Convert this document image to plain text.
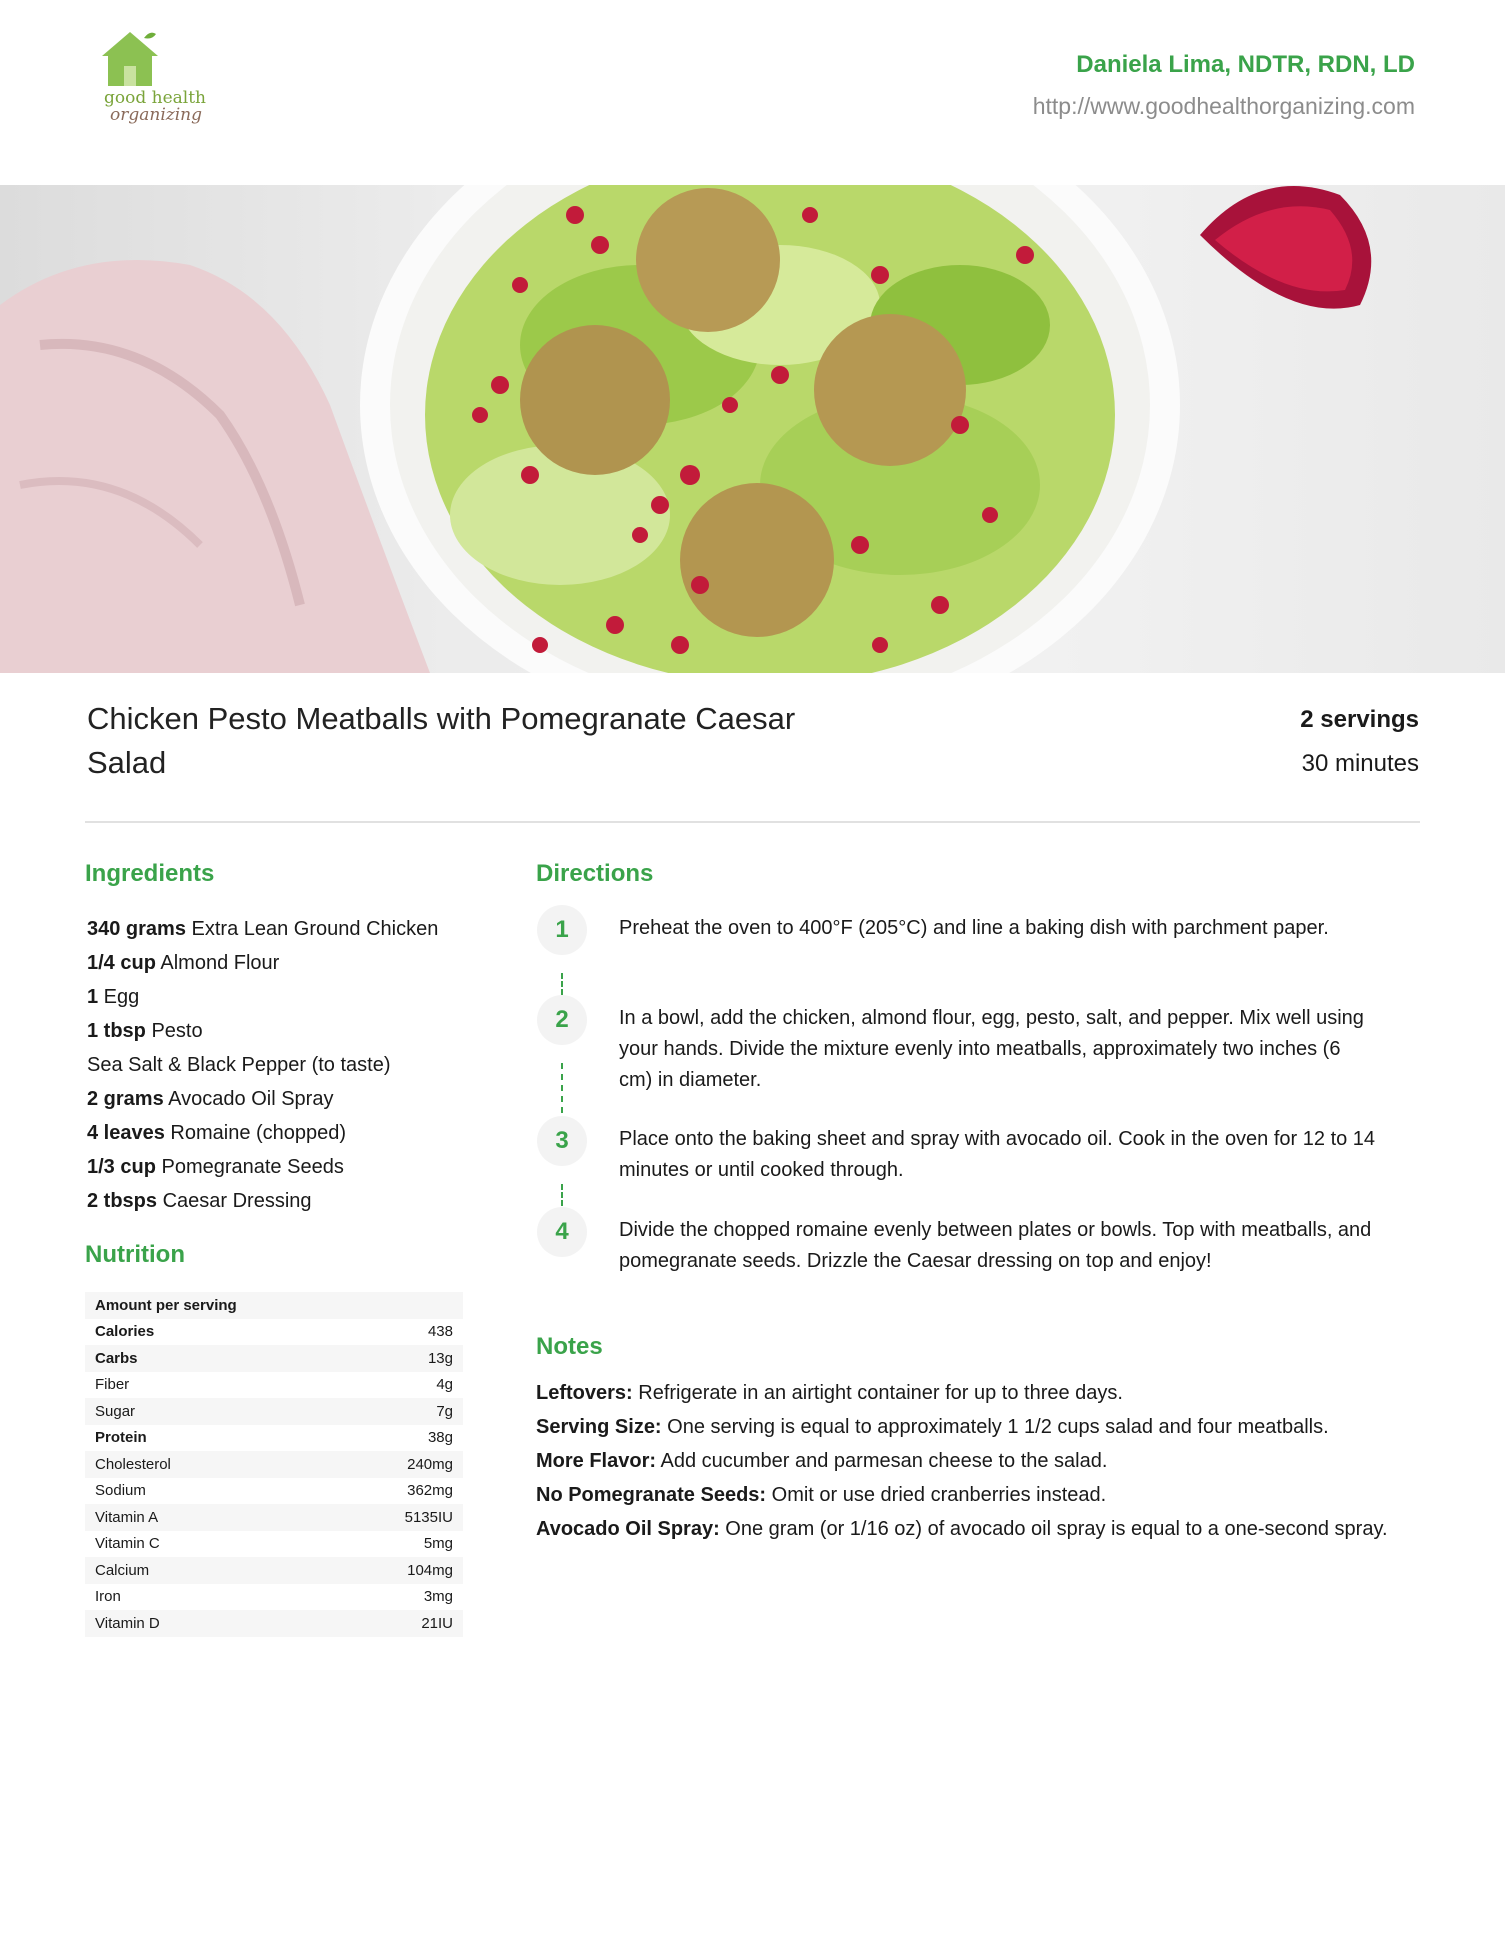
good health
organizing
Daniela Lima, NDTR, RDN, LD
http://www.goodhealthorganizing.com
Chicken Pesto Meatballs with Pomegranate Caesar Salad
2 servings
30 minutes
Ingredients
340 grams Extra Lean Ground Chicken
1/4 cup Almond Flour
1 Egg
1 tbsp Pesto
Sea Salt & Black Pepper (to taste)
2 grams Avocado Oil Spray
4 leaves Romaine (chopped)
1/3 cup Pomegranate Seeds
2 tbsps Caesar Dressing
Nutrition
Amount per serving	
Calories	438
Carbs	13g
Fiber	4g
Sugar	7g
Protein	38g
Cholesterol	240mg
Sodium	362mg
Vitamin A	5135IU
Vitamin C	5mg
Calcium	104mg
Iron	3mg
Vitamin D	21IU
Directions
1	Preheat the oven to 400°F (205°C) and line a baking dish with parchment paper.
2	In a bowl, add the chicken, almond flour, egg, pesto, salt, and pepper. Mix well using your hands. Divide the mixture evenly into meatballs, approximately two inches (6 cm) in diameter.
3	Place onto the baking sheet and spray with avocado oil. Cook in the oven for 12 to 14 minutes or until cooked through.
4	Divide the chopped romaine evenly between plates or bowls. Top with meatballs, and pomegranate seeds. Drizzle the Caesar dressing on top and enjoy!
Notes

Leftovers: Refrigerate in an airtight container for up to three days.

Serving Size: One serving is equal to approximately 1 1/2 cups salad and four meatballs.

More Flavor: Add cucumber and parmesan cheese to the salad.

No Pomegranate Seeds: Omit or use dried cranberries instead.

Avocado Oil Spray: One gram (or 1/16 oz) of avocado oil spray is equal to a one-second spray.
